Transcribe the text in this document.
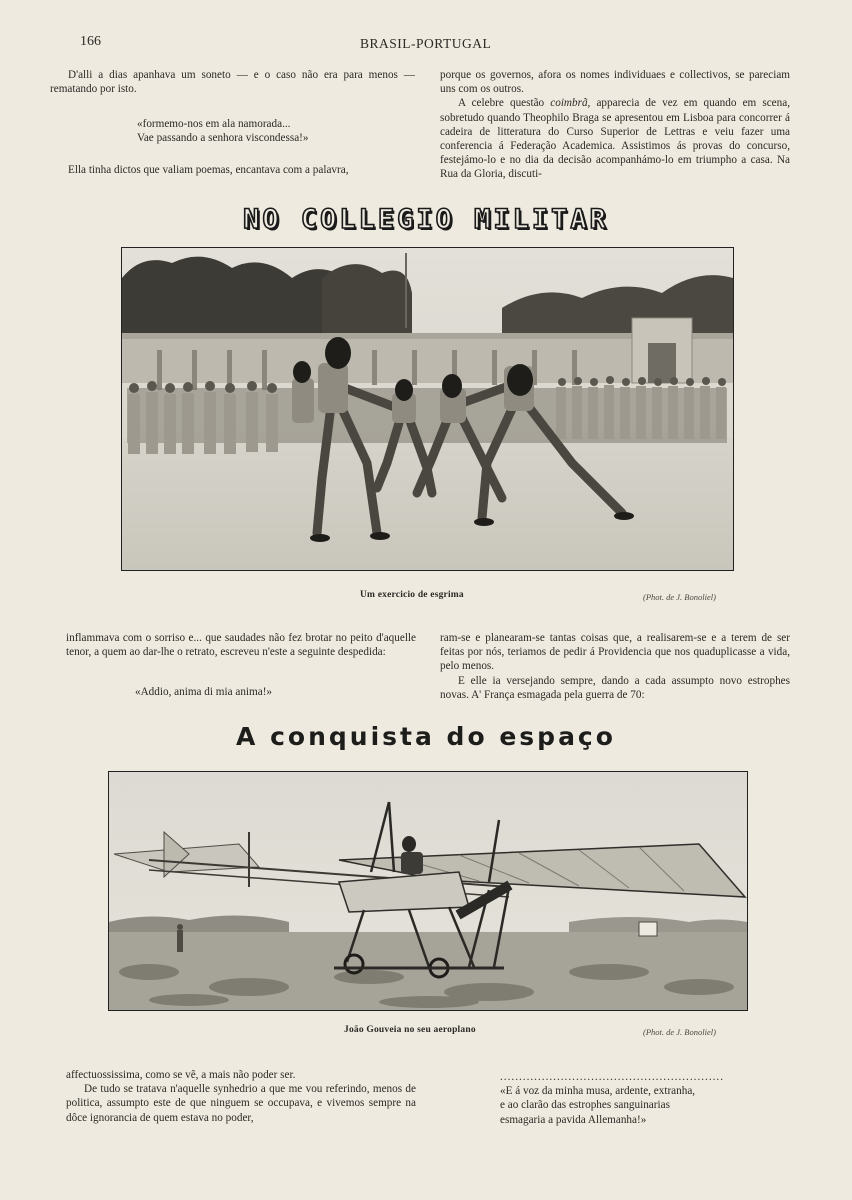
166	BRASIL-PORTUGAL

D'alli a dias apanhava um soneto — e o caso não era para menos — rematando por isto.

«formemo-nos em ala namorada...
Vae passando a senhora viscondessa!»

Ella tinha dictos que valiam poemas, encantava com a palavra,

porque os governos, afora os nomes individuaes e collectivos, se pareciam uns com os outros.

A celebre questão coimbrã, apparecia de vez em quando em scena, sobretudo quando Theophilo Braga se apresentou em Lisboa para concorrer á cadeira de litteratura do Curso Superior de Lettras e veiu fazer uma conferencia á Federação Academica. Assistimos ás provas do concurso, festejámo-lo e no dia da decisão acompanhámo-lo em triumpho a casa. Na Rua da Gloria, discuti-

NO COLLEGIO MILITAR
Um exercicio de esgrima	(Phot. de J. Bonoliel)

inflammava com o sorriso e... que saudades não fez brotar no peito d'aquelle tenor, a quem ao dar-lhe o retrato, escreveu n'este a seguinte despedida:

«Addio, anima di mia anima!»

ram-se e planearam-se tantas coisas que, a realisarem-se e a terem de ser feitas por nós, teriamos de pedir á Providencia que nos quaduplicasse a vida, pelo menos.

E elle ia versejando sempre, dando a cada assumpto novo estrophes novas. A' França esmagada pela guerra de 70:

A conquista do espaço
João Gouveia no seu aeroplano	(Phot. de J. Bonoliel)

affectuossissima, como se vê, a mais não poder ser.

De tudo se tratava n'aquelle synhedrio a que me vou referindo, menos de politica, assumpto este de que ninguem se occupava, e vivemos sempre na dôce ignorancia de quem estava no poder,

...........................................................
«E á voz da minha musa, ardente, extranha,
e ao clarão das estrophes sanguinarias
esmagaria a pavida Allemanha!»
